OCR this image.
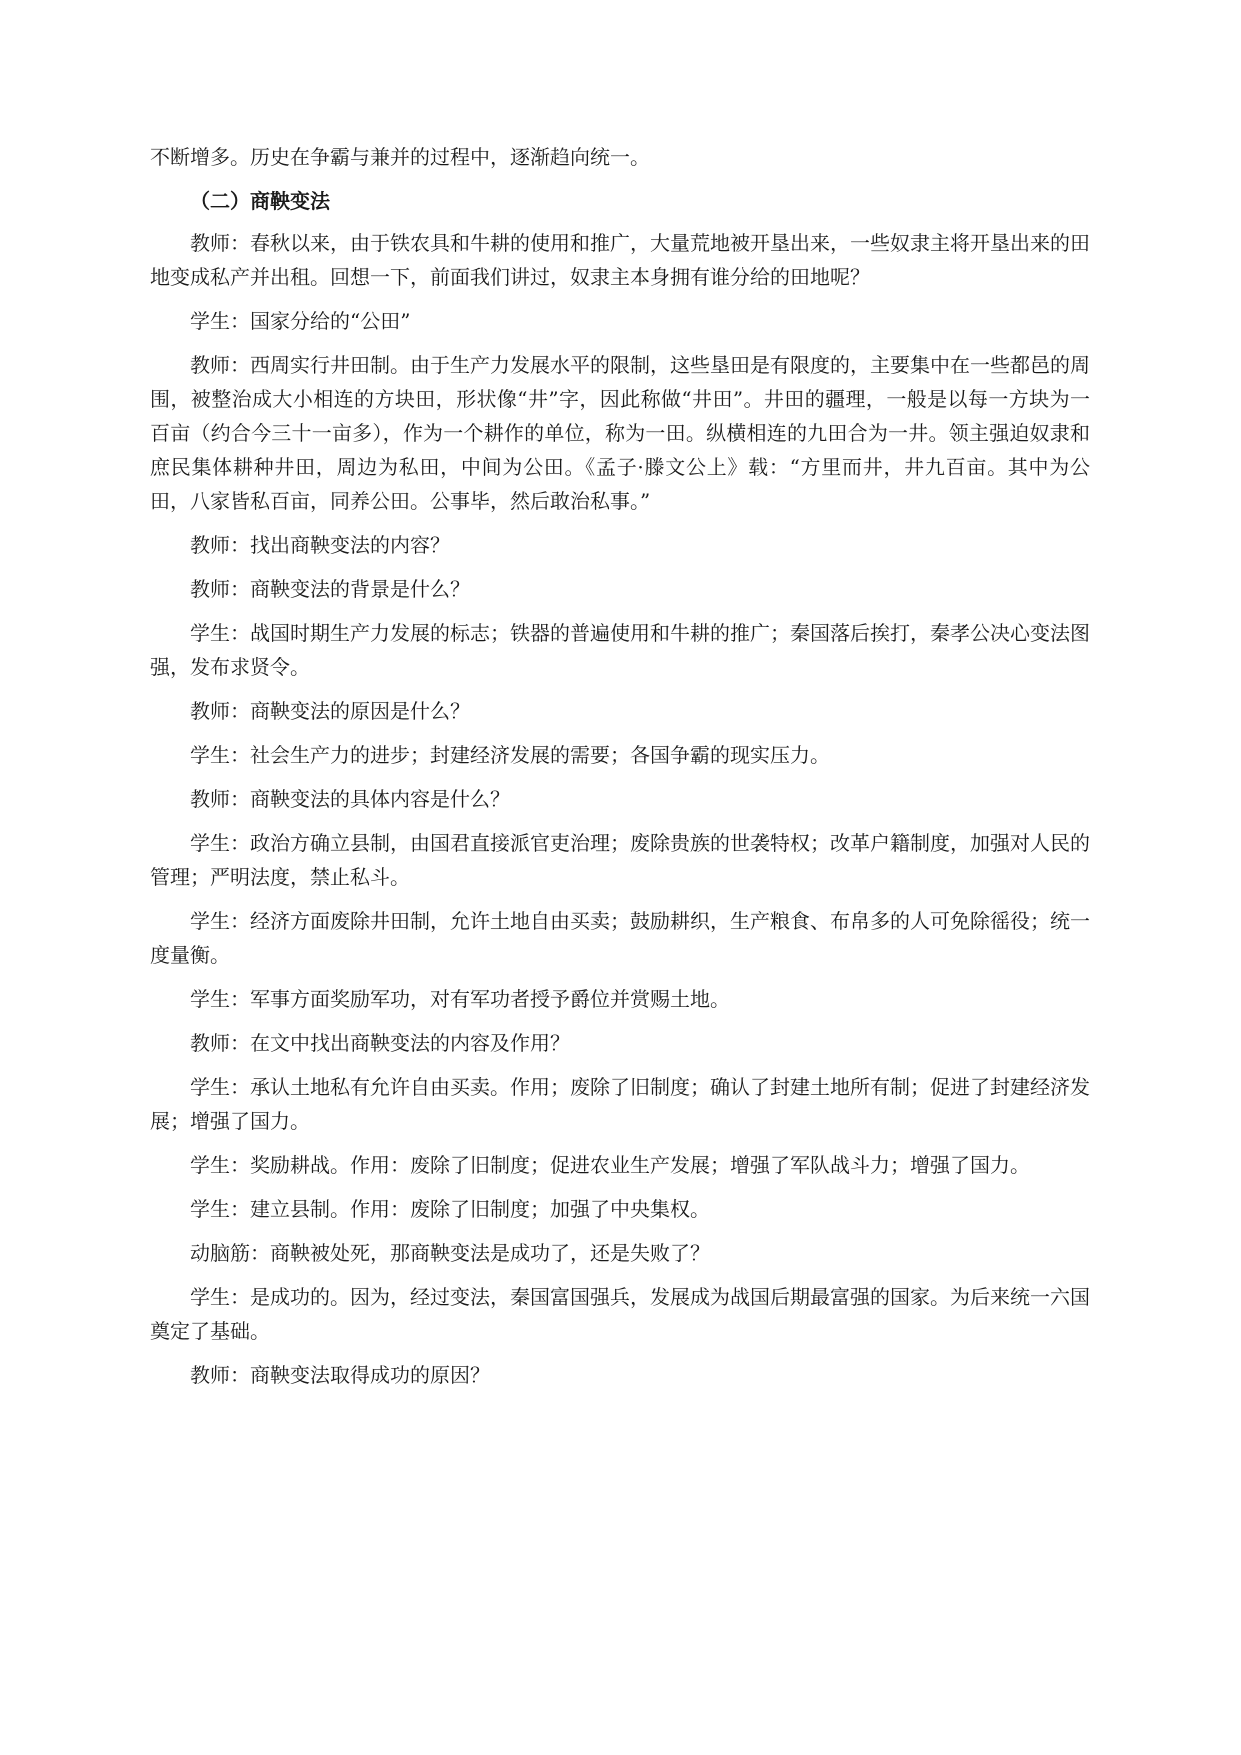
不断增多。历史在争霸与兼并的过程中，逐渐趋向统一。

（二）商鞅变法

教师：春秋以来，由于铁农具和牛耕的使用和推广，大量荒地被开垦出来，一些奴隶主将开垦出来的田地变成私产并出租。回想一下，前面我们讲过，奴隶主本身拥有谁分给的田地呢？

学生：国家分给的“公田”

教师：西周实行井田制。由于生产力发展水平的限制，这些垦田是有限度的，主要集中在一些都邑的周围，被整治成大小相连的方块田，形状像“井”字，因此称做“井田”。井田的疆理，一般是以每一方块为一百亩（约合今三十一亩多），作为一个耕作的单位，称为一田。纵横相连的九田合为一井。领主强迫奴隶和庶民集体耕种井田，周边为私田，中间为公田。《孟子·滕文公上》载：“方里而井，井九百亩。其中为公田，八家皆私百亩，同养公田。公事毕，然后敢治私事。”

教师：找出商鞅变法的内容？

教师：商鞅变法的背景是什么？

学生：战国时期生产力发展的标志；铁器的普遍使用和牛耕的推广；秦国落后挨打，秦孝公决心变法图强，发布求贤令。

教师：商鞅变法的原因是什么？

学生：社会生产力的进步；封建经济发展的需要；各国争霸的现实压力。

教师：商鞅变法的具体内容是什么？

学生：政治方确立县制，由国君直接派官吏治理；废除贵族的世袭特权；改革户籍制度，加强对人民的管理；严明法度，禁止私斗。

学生：经济方面废除井田制，允许土地自由买卖；鼓励耕织，生产粮食、布帛多的人可免除徭役；统一度量衡。

学生：军事方面奖励军功，对有军功者授予爵位并赏赐土地。

教师：在文中找出商鞅变法的内容及作用？

学生：承认土地私有允许自由买卖。作用；废除了旧制度；确认了封建土地所有制；促进了封建经济发展；增强了国力。

学生：奖励耕战。作用：废除了旧制度；促进农业生产发展；增强了军队战斗力；增强了国力。

学生：建立县制。作用：废除了旧制度；加强了中央集权。

动脑筋：商鞅被处死，那商鞅变法是成功了，还是失败了？

学生：是成功的。因为，经过变法，秦国富国强兵，发展成为战国后期最富强的国家。为后来统一六国奠定了基础。

教师：商鞅变法取得成功的原因？
